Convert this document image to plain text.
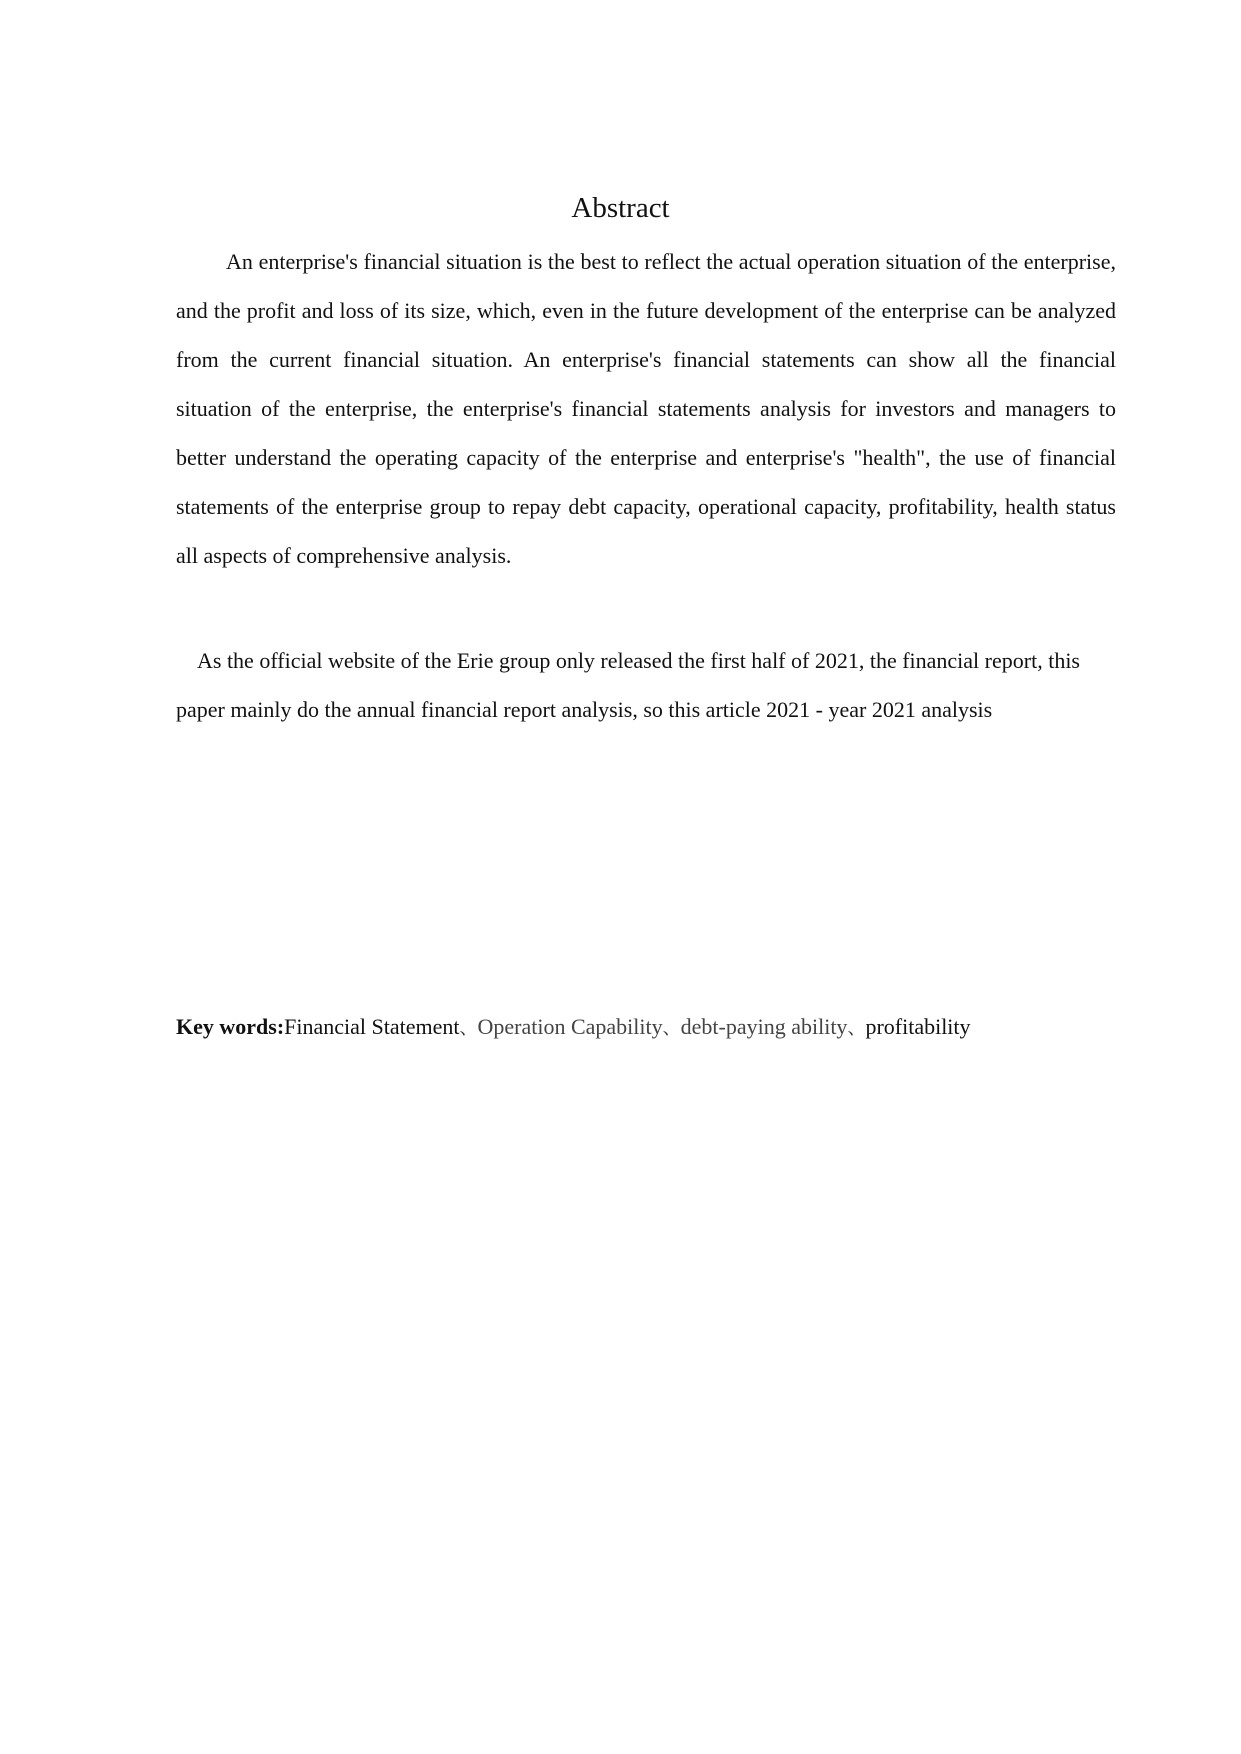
Abstract
An enterprise's financial situation is the best to reflect the actual operation situation of the enterprise, and the profit and loss of its size, which, even in the future development of the enterprise can be analyzed from the current financial situation. An enterprise's financial statements can show all the financial situation of the enterprise, the enterprise's financial statements analysis for investors and managers to better understand the operating capacity of the enterprise and enterprise's "health", the use of financial statements of the enterprise group to repay debt capacity, operational capacity, profitability, health status all aspects of comprehensive analysis.
As the official website of the Erie group only released the first half of 2021, the financial report, this paper mainly do the annual financial report analysis, so this article 2021 - year 2021 analysis
Key words:Financial Statement、Operation Capability、debt-paying ability、profitability
